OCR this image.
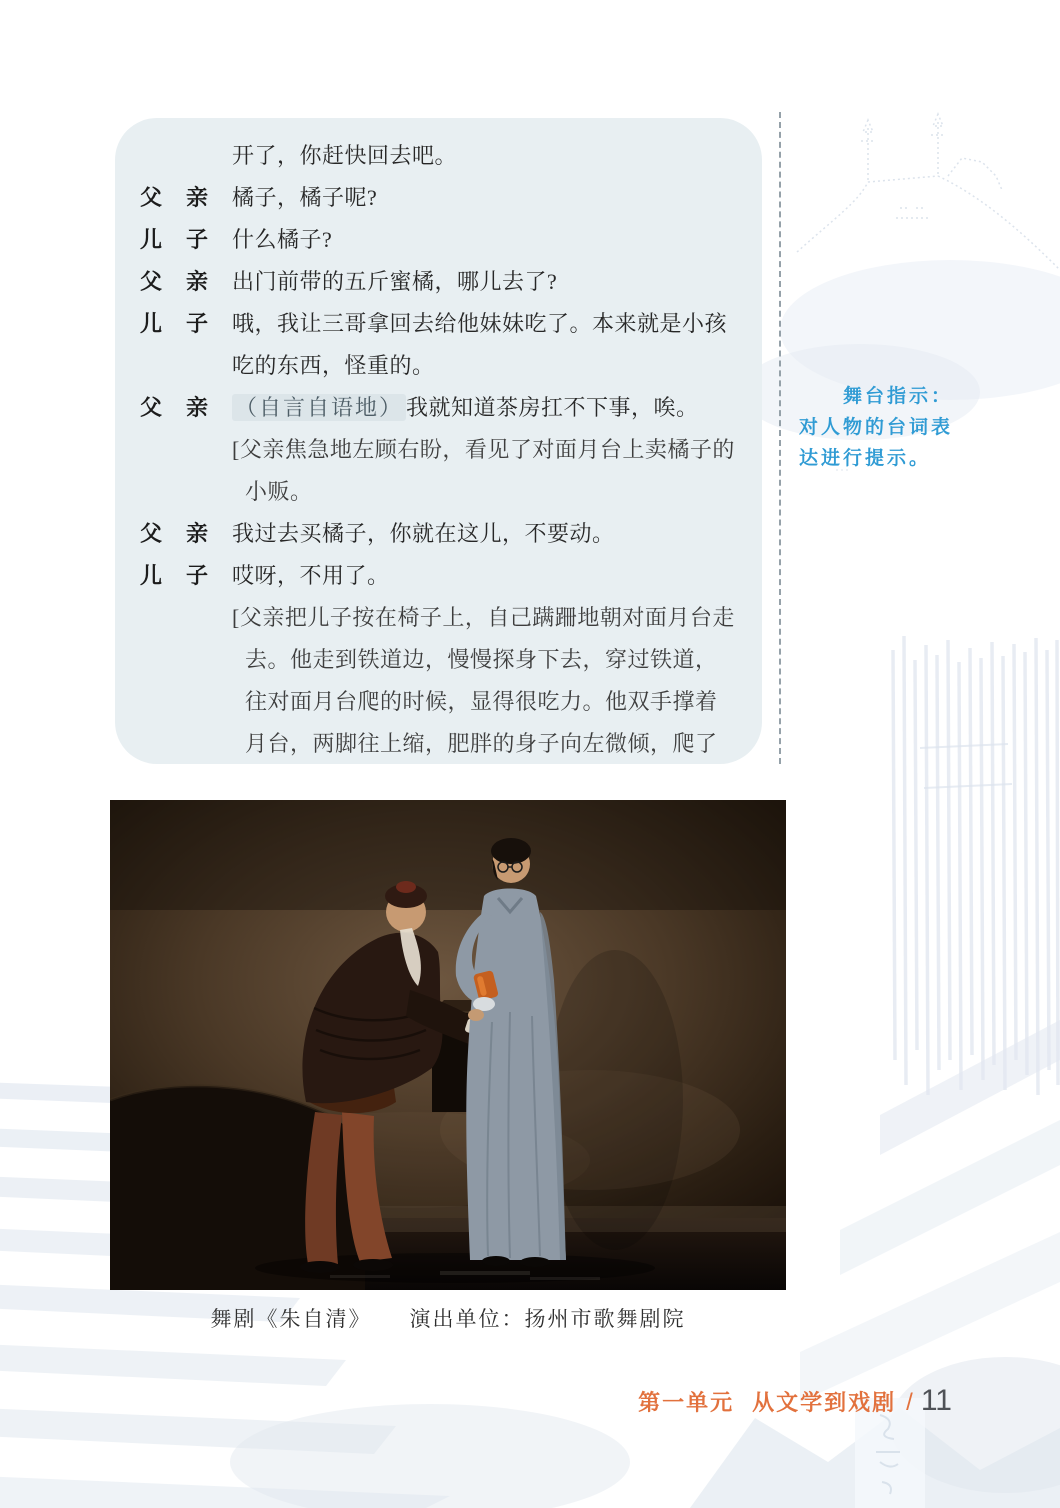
开了，你赶快回去吧。
父亲 橘子，橘子呢?
儿子 什么橘子?
父亲 出门前带的五斤蜜橘，哪儿去了?
儿子 哦，我让三哥拿回去给他妹妹吃了。本来就是小孩吃的东西，怪重的。
父亲 （自言自语地） 我就知道茶房扛不下事，唉。
[父亲焦急地左顾右盼，看见了对面月台上卖橘子的小贩。
父亲 我过去买橘子，你就在这儿，不要动。
儿子 哎呀，不用了。
[父亲把儿子按在椅子上，自己蹒跚地朝对面月台走去。他走到铁道边，慢慢探身下去，穿过铁道，往对面月台爬的时候，显得很吃力。他双手撑着月台，两脚往上缩，肥胖的身子向左微倾，爬了
舞台指示：
对人物的台词表达进行提示。
舞剧《朱自清》 演出单位：扬州市歌舞剧院
第一单元 从文学到戏剧 / 11
